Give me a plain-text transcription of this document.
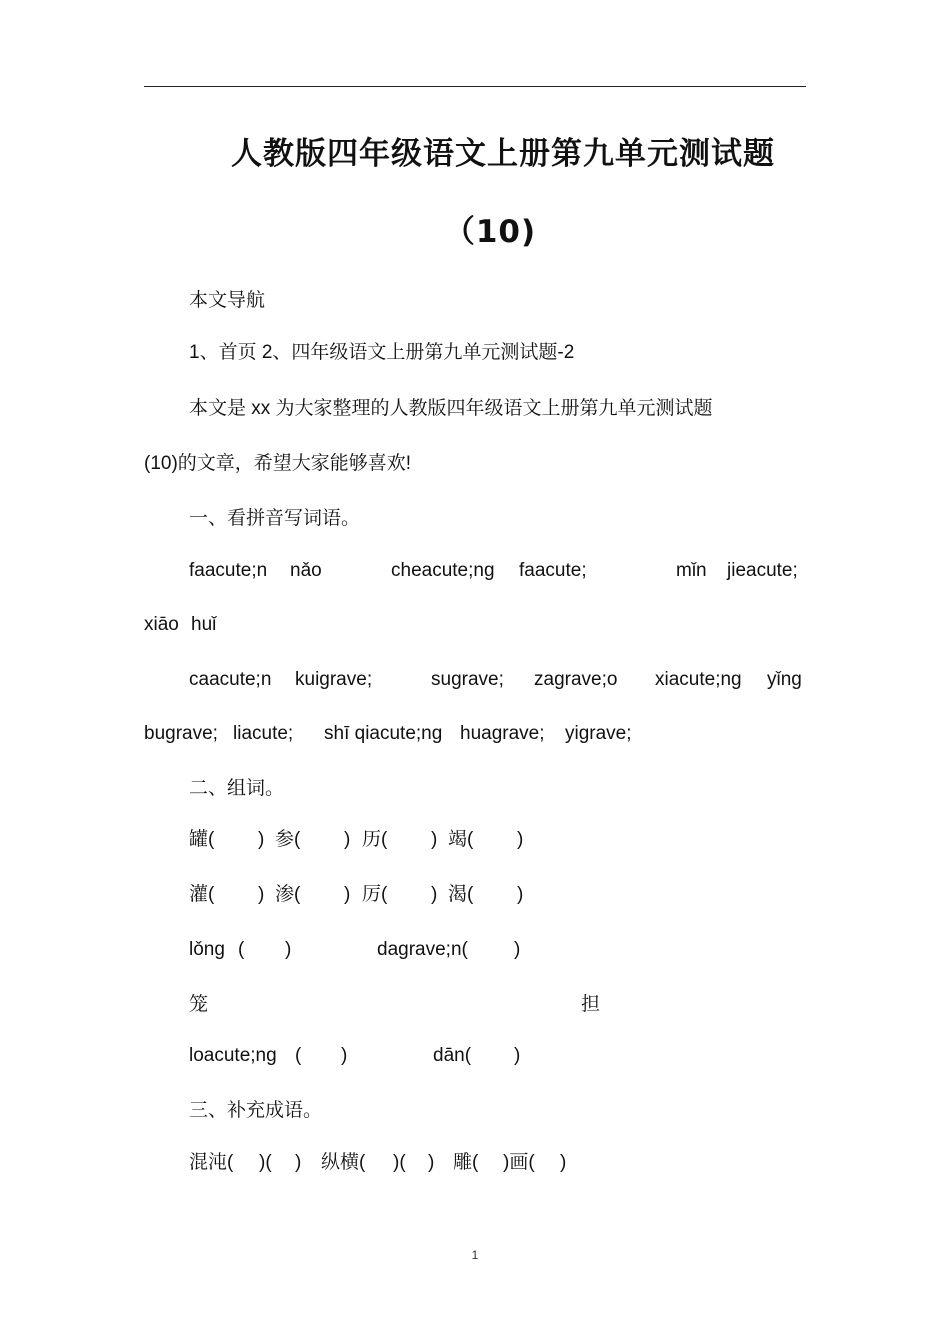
人教版四年级语文上册第九单元测试题
（10)
本文导航
1、首页 2、四年级语文上册第九单元测试题-2
本文是 xx 为大家整理的人教版四年级语文上册第九单元测试题
(10)的文章，希望大家能够喜欢!
一、看拼音写词语。
faacute;n nǎo	cheacute;ng faacute;	mǐn jieacute;
xiāo huǐ
caacute;n kuigrave;	sugrave; zagrave;o xiacute;ng yǐng
bugrave; liacute; shī qiacute;ng huagrave; yigrave;
二、组词。
罐( ) 参( ) 历( ) 竭( )
灌( ) 渗( ) 厉( ) 渴( )
lǒng ( )	dagrave;n( )
笼	担
loacute;ng ( )	dān( )
三、补充成语。
混沌( )( ) 纵横( )( ) 雕( )画( )
1
